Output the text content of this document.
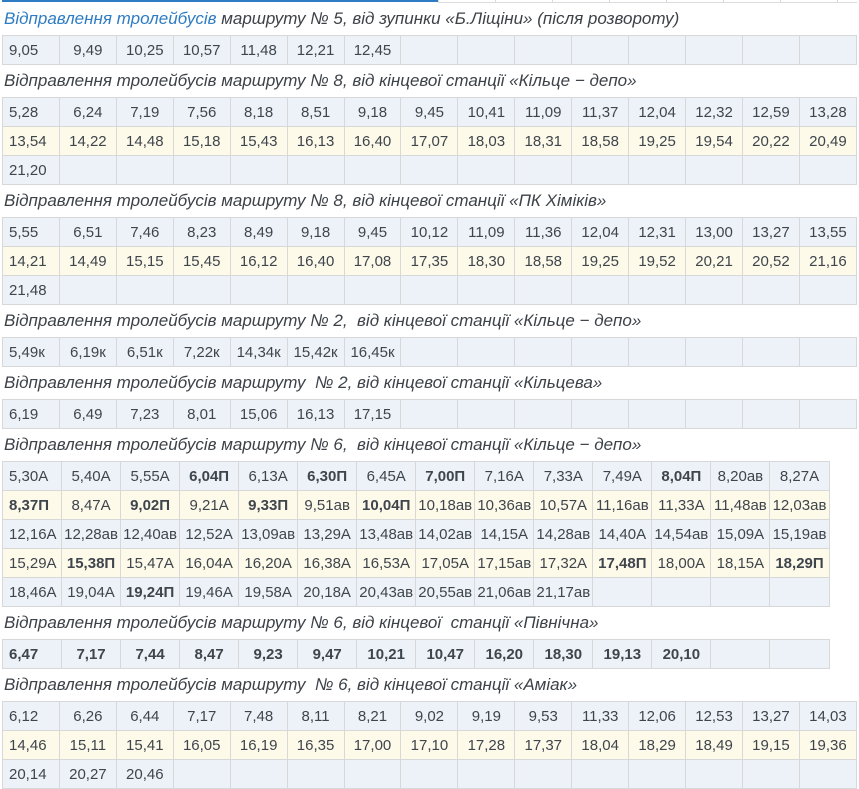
Відправлення тролейбусів маршруту № 5, від зупинки «Б.Ліщіни» (після розвороту)

9,05	9,49	10,25	10,57	11,48	12,21	12,45								

Відправлення тролейбусів маршруту № 8, від кінцевої станції «Кільце − депо»

5,28	6,24	7,19	7,56	8,18	8,51	9,18	9,45	10,41	11,09	11,37	12,04	12,32	12,59	13,28
13,54	14,22	14,48	15,18	15,43	16,13	16,40	17,07	18,03	18,31	18,58	19,25	19,54	20,22	20,49
21,20														

Відправлення тролейбусів маршруту № 8, від кінцевої станції «ПК Хіміків»

5,55	6,51	7,46	8,23	8,49	9,18	9,45	10,12	11,09	11,36	12,04	12,31	13,00	13,27	13,55
14,21	14,49	15,15	15,45	16,12	16,40	17,08	17,35	18,30	18,58	19,25	19,52	20,21	20,52	21,16
21,48														

Відправлення тролейбусів маршруту № 2,  від кінцевої станції «Кільце − депо»

5,49к	6,19к	6,51к	7,22к	14,34к	15,42к	16,45к								

Відправлення тролейбусів маршруту  № 2, від кінцевої станції «Кільцева»

6,19	6,49	7,23	8,01	15,06	16,13	17,15								

Відправлення тролейбусів маршруту № 6,  від кінцевої станції «Кільце − депо»

5,30А	5,40А	5,55А	6,04П	6,13А	6,30П	6,45А	7,00П	7,16А	7,33А	7,49А	8,04П	8,20ав	8,27А
8,37П	8,47А	9,02П	9,21А	9,33П	9,51ав	10,04П	10,18ав	10,36ав	10,57А	11,16ав	11,33А	11,48ав	12,03ав
12,16А	12,28ав	12,40ав	12,52А	13,09ав	13,29А	13,48ав	14,02ав	14,15А	14,28ав	14,40А	14,54ав	15,09А	15,19ав
15,29А	15,38П	15,47А	16,04А	16,20А	16,38А	16,53А	17,05А	17,15ав	17,32А	17,48П	18,00А	18,15А	18,29П
18,46А	19,04А	19,24П	19,46А	19,58А	20,18А	20,43ав	20,55ав	21,06ав	21,17ав				

Відправлення тролейбусів маршруту № 6, від кінцевої  станції «Північна»

6,47	7,17	7,44	8,47	9,23	9,47	10,21	10,47	16,20	18,30	19,13	20,10		

Відправлення тролейбусів маршруту  № 6, від кінцевої станції «Аміак»

6,12	6,26	6,44	7,17	7,48	8,11	8,21	9,02	9,19	9,53	11,33	12,06	12,53	13,27	14,03
14,46	15,11	15,41	16,05	16,19	16,35	17,00	17,10	17,28	17,37	18,04	18,29	18,49	19,15	19,36
20,14	20,27	20,46												
